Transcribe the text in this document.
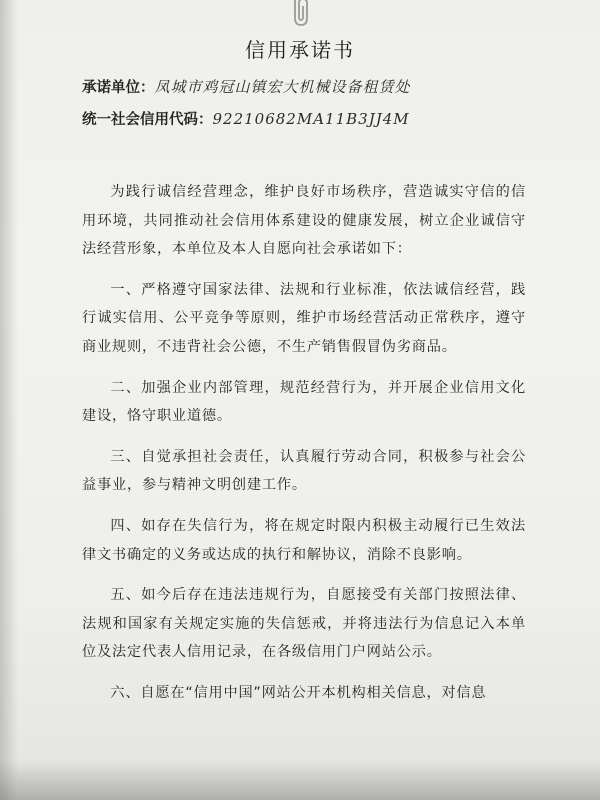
信用承诺书
承诺单位：凤城市鸡冠山镇宏大机械设备租赁处
统一社会信用代码：92210682MA11B3JJ4M

为践行诚信经营理念，维护良好市场秩序，营造诚实守信的信用环境，共同推动社会信用体系建设的健康发展，树立企业诚信守法经营形象，本单位及本人自愿向社会承诺如下：

一、严格遵守国家法律、法规和行业标准，依法诚信经营，践行诚实信用、公平竞争等原则，维护市场经营活动正常秩序，遵守商业规则，不违背社会公德，不生产销售假冒伪劣商品。

二、加强企业内部管理，规范经营行为，并开展企业信用文化建设，恪守职业道德。

三、自觉承担社会责任，认真履行劳动合同，积极参与社会公益事业，参与精神文明创建工作。

四、如存在失信行为，将在规定时限内积极主动履行已生效法律文书确定的义务或达成的执行和解协议，消除不良影响。

五、如今后存在违法违规行为，自愿接受有关部门按照法律、法规和国家有关规定实施的失信惩戒，并将违法行为信息记入本单位及法定代表人信用记录，在各级信用门户网站公示。

六、自愿在“信用中国”网站公开本机构相关信息，对信息
